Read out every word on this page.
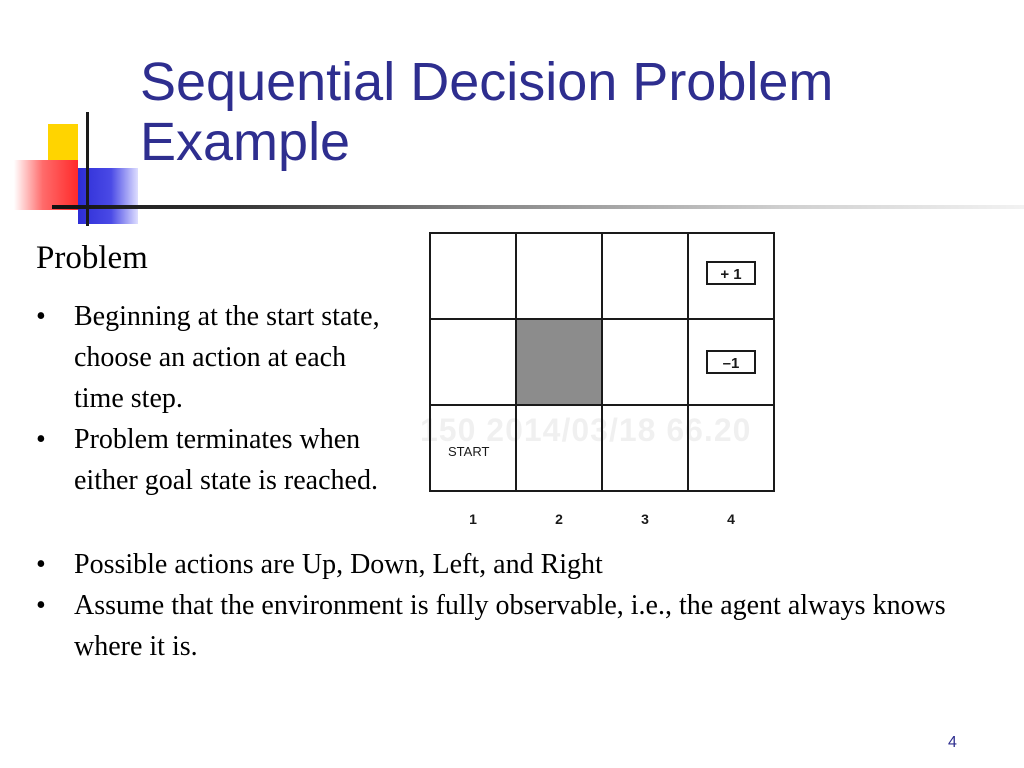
Sequential Decision Problem
Example
Problem
• Beginning at the start state, choose an action at each time step.
• Problem terminates when either goal state is reached.
150 2014/03/18 66.20
+ 1
–1
START
1	2	3	4
• Possible actions are Up, Down, Left, and Right
• Assume that the environment is fully observable, i.e., the agent always knows where it is.
4
